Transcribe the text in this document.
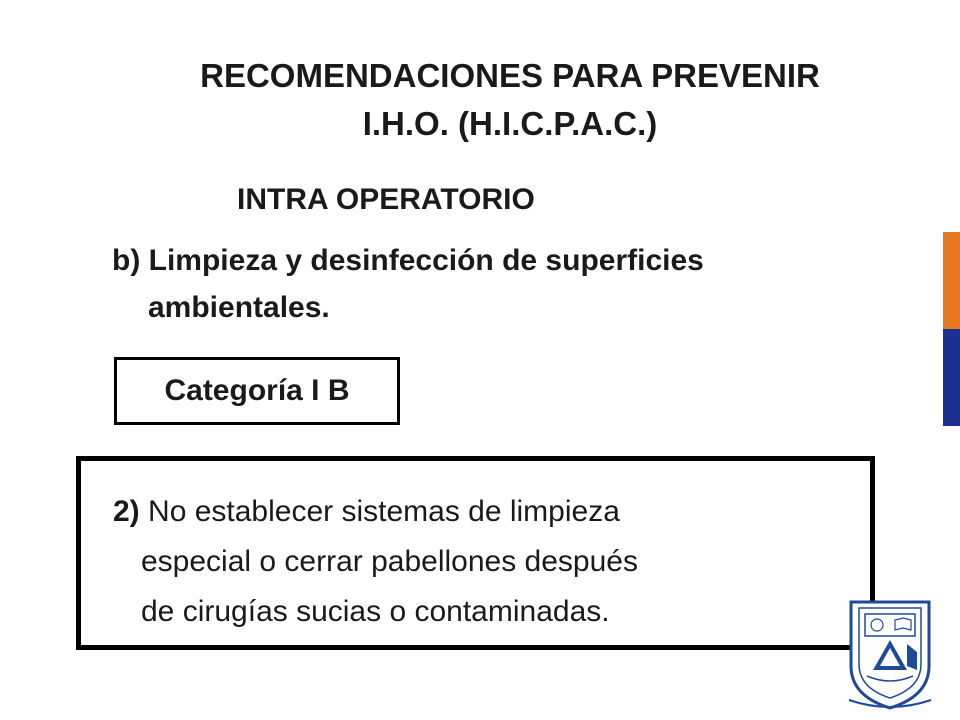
RECOMENDACIONES PARA PREVENIR
I.H.O. (H.I.C.P.A.C.)
INTRA OPERATORIO
b) Limpieza y desinfección de superficies
ambientales.
Categoría I B
2) No establecer sistemas de limpieza
especial o cerrar pabellones después
de cirugías sucias o contaminadas.
